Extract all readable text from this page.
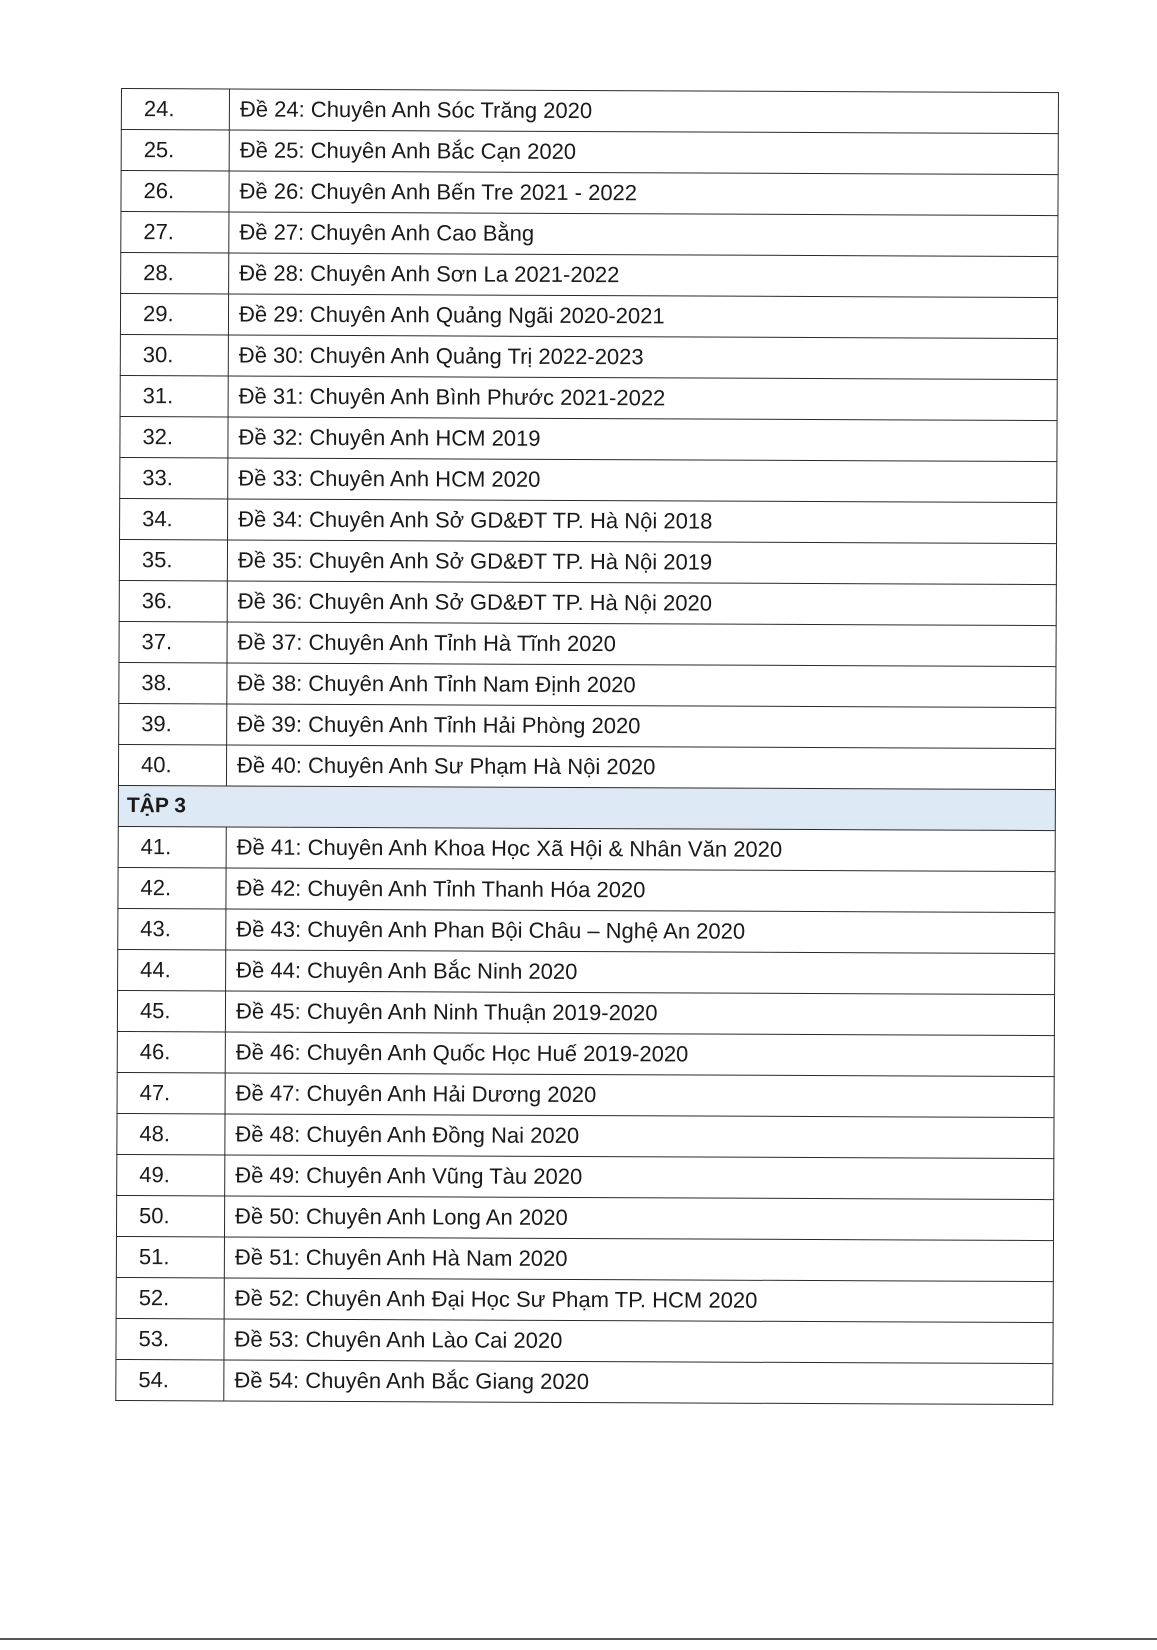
24.	Đề 24: Chuyên Anh Sóc Trăng 2020
25.	Đề 25: Chuyên Anh Bắc Cạn 2020
26.	Đề 26: Chuyên Anh Bến Tre 2021 - 2022
27.	Đề 27: Chuyên Anh Cao Bằng
28.	Đề 28: Chuyên Anh Sơn La 2021-2022
29.	Đề 29: Chuyên Anh Quảng Ngãi 2020-2021
30.	Đề 30: Chuyên Anh Quảng Trị 2022-2023
31.	Đề 31: Chuyên Anh Bình Phước 2021-2022
32.	Đề 32: Chuyên Anh HCM 2019
33.	Đề 33: Chuyên Anh HCM 2020
34.	Đề 34: Chuyên Anh Sở GD&ĐT TP. Hà Nội 2018
35.	Đề 35: Chuyên Anh Sở GD&ĐT TP. Hà Nội 2019
36.	Đề 36: Chuyên Anh Sở GD&ĐT TP. Hà Nội 2020
37.	Đề 37: Chuyên Anh Tỉnh Hà Tĩnh 2020
38.	Đề 38: Chuyên Anh Tỉnh Nam Định 2020
39.	Đề 39: Chuyên Anh Tỉnh Hải Phòng 2020
40.	Đề 40: Chuyên Anh Sư Phạm Hà Nội 2020
TẬP 3	
41.	Đề 41: Chuyên Anh Khoa Học Xã Hội & Nhân Văn 2020
42.	Đề 42: Chuyên Anh Tỉnh Thanh Hóa 2020
43.	Đề 43: Chuyên Anh Phan Bội Châu – Nghệ An 2020
44.	Đề 44: Chuyên Anh Bắc Ninh 2020
45.	Đề 45: Chuyên Anh Ninh Thuận 2019-2020
46.	Đề 46: Chuyên Anh Quốc Học Huế 2019-2020
47.	Đề 47: Chuyên Anh Hải Dương 2020
48.	Đề 48: Chuyên Anh Đồng Nai 2020
49.	Đề 49: Chuyên Anh Vũng Tàu 2020
50.	Đề 50: Chuyên Anh Long An 2020
51.	Đề 51: Chuyên Anh Hà Nam 2020
52.	Đề 52: Chuyên Anh Đại Học Sư Phạm TP. HCM 2020
53.	Đề 53: Chuyên Anh Lào Cai 2020
54.	Đề 54: Chuyên Anh Bắc Giang 2020
